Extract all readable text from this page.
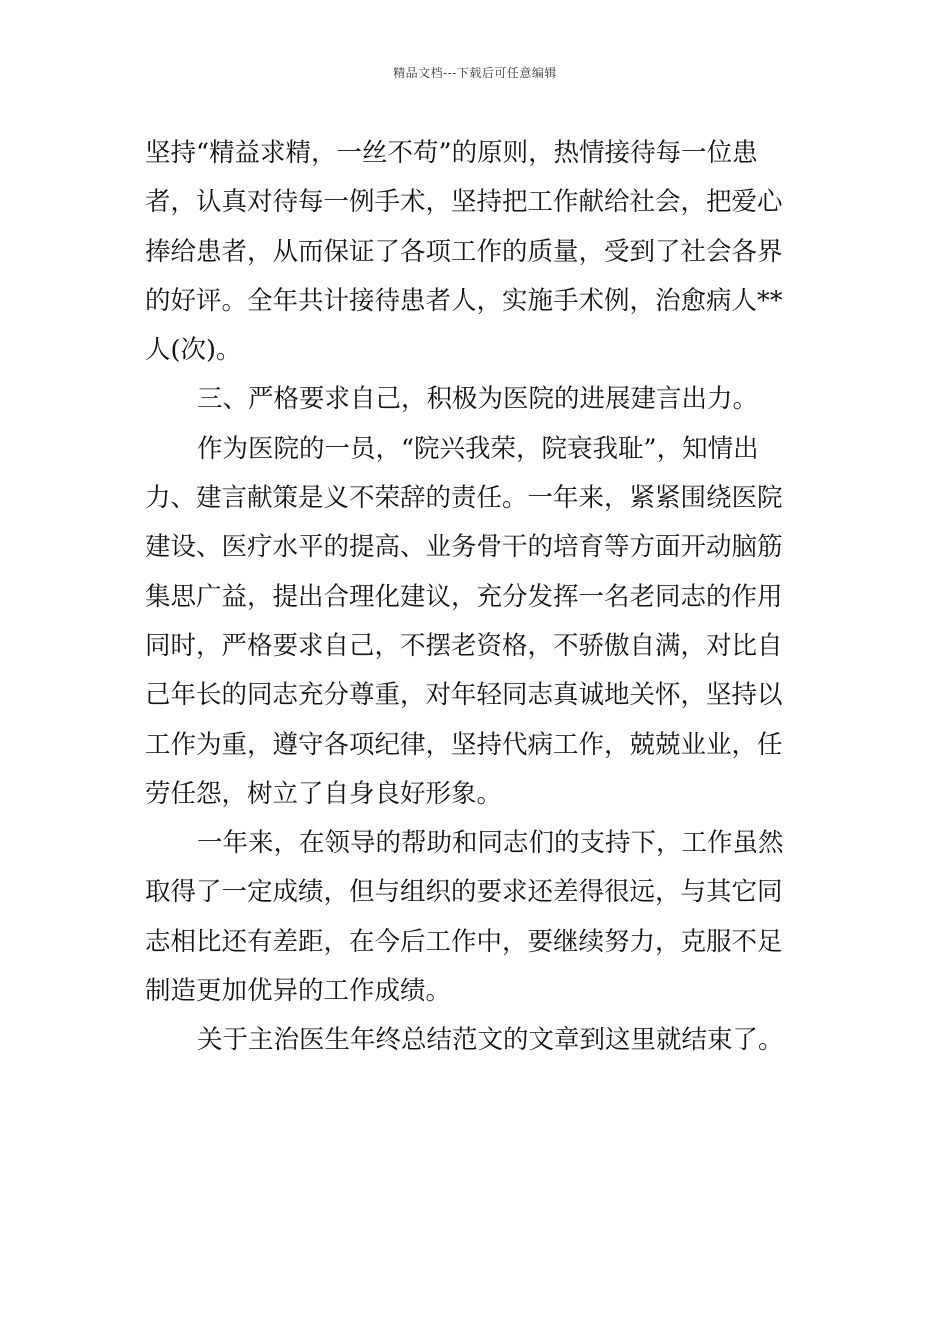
精品文档---下载后可任意编辑
坚持“精益求精，一丝不苟”的原则，热情接待每一位患
者，认真对待每一例手术，坚持把工作献给社会，把爱心
捧给患者，从而保证了各项工作的质量，受到了社会各界
的好评。全年共计接待患者人，实施手术例，治愈病人**
人(次)。
三、严格要求自己，积极为医院的进展建言出力。
作为医院的一员，“院兴我荣，院衰我耻”，知情出
力、建言献策是义不荣辞的责任。一年来，紧紧围绕医院
建设、医疗水平的提高、业务骨干的培育等方面开动脑筋
集思广益，提出合理化建议，充分发挥一名老同志的作用
同时，严格要求自己，不摆老资格，不骄傲自满，对比自
己年长的同志充分尊重，对年轻同志真诚地关怀，坚持以
工作为重，遵守各项纪律，坚持代病工作，兢兢业业，任
劳任怨，树立了自身良好形象。
一年来，在领导的帮助和同志们的支持下，工作虽然
取得了一定成绩，但与组织的要求还差得很远，与其它同
志相比还有差距，在今后工作中，要继续努力，克服不足
制造更加优异的工作成绩。
关于主治医生年终总结范文的文章到这里就结束了。
